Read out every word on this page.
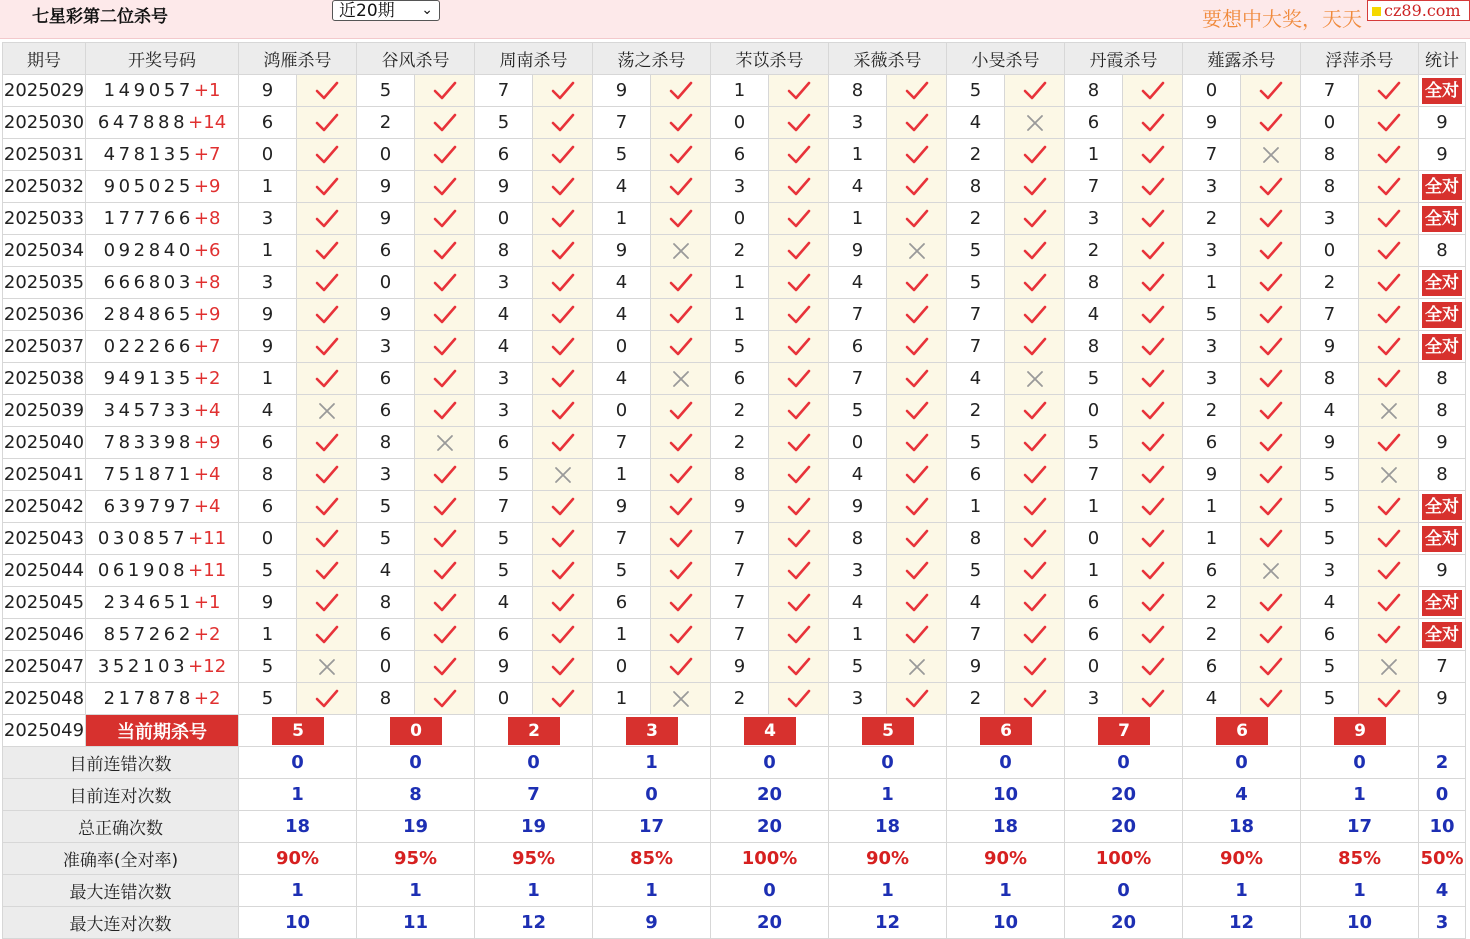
七星彩第二位杀号	近20期 ⌄	要想中大奖，天天	cz89.com
期号	开奖号码	鸿雁杀号		谷风杀号		周南杀号		荡之杀号		芣苡杀号		采薇杀号		小旻杀号		丹霞杀号		薤露杀号		浮萍杀号		统计
2025029	149057+1	9		5		7		9		1		8		5		8		0		7		全对
2025030	647888+14	6		2		5		7		0		3		4		6		9		0		9
2025031	478135+7	0		0		6		5		6		1		2		1		7		8		9
2025032	905025+9	1		9		9		4		3		4		8		7		3		8		全对
2025033	177766+8	3		9		0		1		0		1		2		3		2		3		全对
2025034	092840+6	1		6		8		9		2		9		5		2		3		0		8
2025035	666803+8	3		0		3		4		1		4		5		8		1		2		全对
2025036	284865+9	9		9		4		4		1		7		7		4		5		7		全对
2025037	022266+7	9		3		4		0		5		6		7		8		3		9		全对
2025038	949135+2	1		6		3		4		6		7		4		5		3		8		8
2025039	345733+4	4		6		3		0		2		5		2		0		2		4		8
2025040	783398+9	6		8		6		7		2		0		5		5		6		9		9
2025041	751871+4	8		3		5		1		8		4		6		7		9		5		8
2025042	639797+4	6		5		7		9		9		9		1		1		1		5		全对
2025043	030857+11	0		5		5		7		7		8		8		0		1		5		全对
2025044	061908+11	5		4		5		5		7		3		5		1		6		3		9
2025045	234651+1	9		8		4		6		7		4		4		6		2		4		全对
2025046	857262+2	1		6		6		1		7		1		7		6		2		6		全对
2025047	352103+12	5		0		9		0		9		5		9		0		6		5		7
2025048	217878+2	5		8		0		1		2		3		2		3		4		5		9
2025049	当前期杀号	5		0		2		3		4		5		6		7		6		9		
目前连错次数		0		0		0		1		0		0		0		0		0		0		2
目前连对次数		1		8		7		0		20		1		10		20		4		1		0
总正确次数		18		19		19		17		20		18		18		20		18		17		10
准确率(全对率)		90%		95%		95%		85%		100%		90%		90%		100%		90%		85%		50%
最大连错次数		1		1		1		1		0		1		1		0		1		1		4
最大连对次数		10		11		12		9		20		12		10		20		12		10		3
